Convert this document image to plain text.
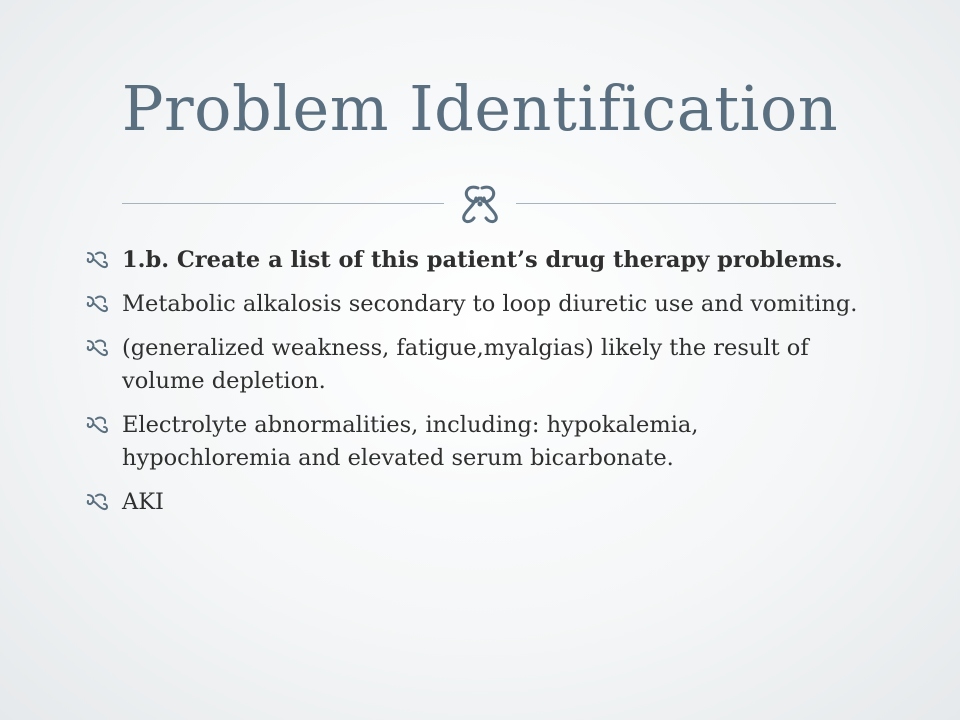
Problem Identification
1.b. Create a list of this patient’s drug therapy problems.
Metabolic alkalosis secondary to loop diuretic use and vomiting.
(generalized weakness, fatigue,myalgias) likely the result of volume depletion.
Electrolyte abnormalities, including: hypokalemia, hypochloremia and elevated serum bicarbonate.
AKI
